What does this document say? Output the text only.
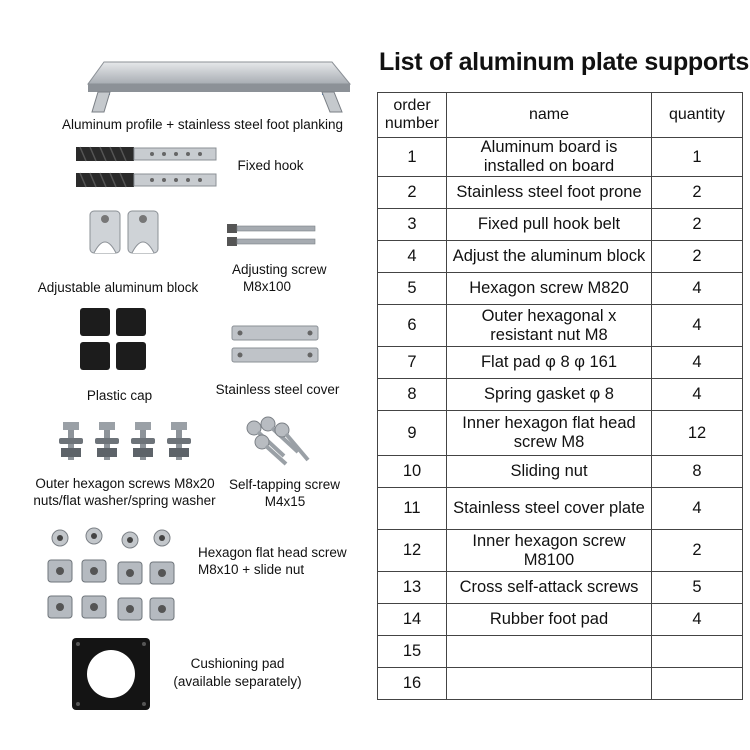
Aluminum profile + stainless steel foot planking
Fixed hook
Adjustable aluminum block
Adjusting screw
M8x100
Plastic cap	Stainless steel cover
Outer hexagon screws M8x20
nuts/flat washer/spring washer
Self-tapping screw
M4x15
Hexagon flat head screw
M8x10 + slide nut
Cushioning pad
(available separately)
List of aluminum plate supports
order number	name	quantity
1	Aluminum board is installed on board	1
2	Stainless steel foot prone	2
3	Fixed pull hook belt	2
4	Adjust the aluminum block	2
5	Hexagon screw M820	4
6	Outer hexagonal x resistant nut M8	4
7	Flat pad φ 8 φ 161	4
8	Spring gasket φ 8	4
9	Inner hexagon flat head screw M8	12
10	Sliding nut	8
11	Stainless steel cover plate	4
12	Inner hexagon screw M8100	2
13	Cross self-attack screws	5
14	Rubber foot pad	4
15		
16		
